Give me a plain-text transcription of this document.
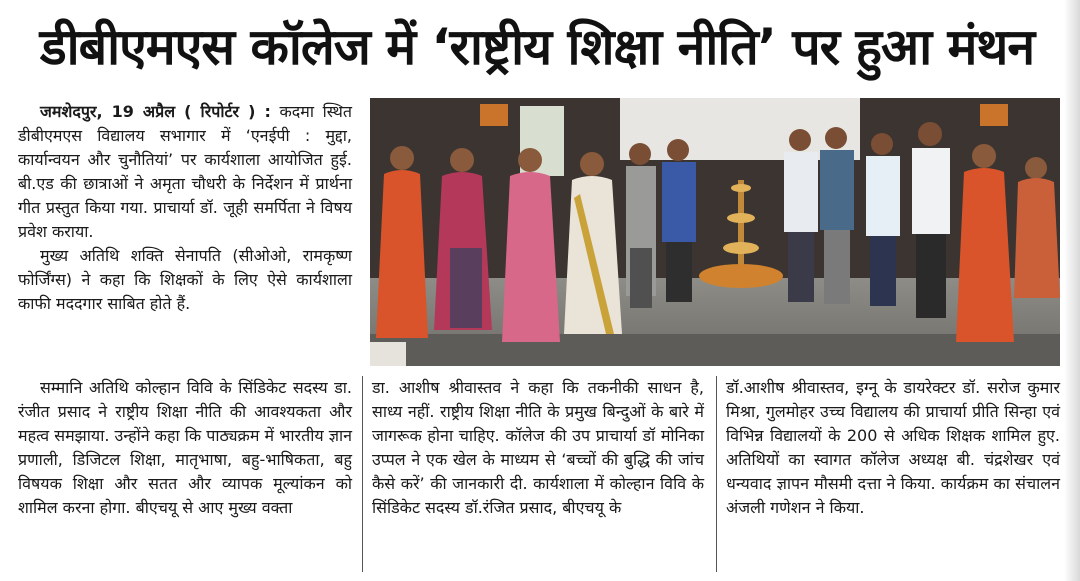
डीबीएमएस कॉलेज में ‘राष्ट्रीय शिक्षा नीति’ पर हुआ मंथन

जमशेदपुर, 19 अप्रैल ( रिपोर्टर ) : कदमा स्थित डीबीएमएस विद्यालय सभागार में ‘एनईपी : मुद्दा, कार्यान्वयन और चुनौतियां’ पर कार्यशाला आयोजित हुई. बी.एड की छात्राओं ने अमृता चौधरी के निर्देशन में प्रार्थना गीत प्रस्तुत किया गया. प्राचार्या डॉ. जूही समर्पिता ने विषय प्रवेश कराया.

मुख्य अतिथि शक्ति सेनापति (सीओओ, रामकृष्ण फोर्जिंग्स) ने कहा कि शिक्षकों के लिए ऐसे कार्यशाला काफी मददगार साबित होते हैं.

सम्मानि अतिथि कोल्हान विवि के सिंडिकेट सदस्य डा. रंजीत प्रसाद ने राष्ट्रीय शिक्षा नीति की आवश्यकता और महत्व समझाया. उन्होंने कहा कि पाठ्यक्रम में भारतीय ज्ञान प्रणाली, डिजिटल शिक्षा, मातृभाषा, बहु-भाषिकता, बहु विषयक शिक्षा और सतत और व्यापक मूल्यांकन को शामिल करना होगा. बीएचयू से आए मुख्य वक्ता

डा. आशीष श्रीवास्तव ने कहा कि तकनीकी साधन है, साध्य नहीं. राष्ट्रीय शिक्षा नीति के प्रमुख बिन्दुओं के बारे में जागरूक होना चाहिए. कॉलेज की उप प्राचार्या डॉ मोनिका उप्पल ने एक खेल के माध्यम से ‘बच्चों की बुद्धि की जांच कैसे करें’ की जानकारी दी. कार्यशाला में कोल्हान विवि के सिंडिकेट सदस्य डॉ.रंजित प्रसाद, बीएचयू के

डॉ.आशीष श्रीवास्तव, इग्नू के डायरेक्टर डॉ. सरोज कुमार मिश्रा, गुलमोहर उच्च विद्यालय की प्राचार्या प्रीति सिन्हा एवं विभिन्न विद्यालयों के 200 से अधिक शिक्षक शामिल हुए. अतिथियों का स्वागत कॉलेज अध्यक्ष बी. चंद्रशेखर एवं धन्यवाद ज्ञापन मौसमी दत्ता ने किया. कार्यक्रम का संचालन अंजली गणेशन ने किया.
